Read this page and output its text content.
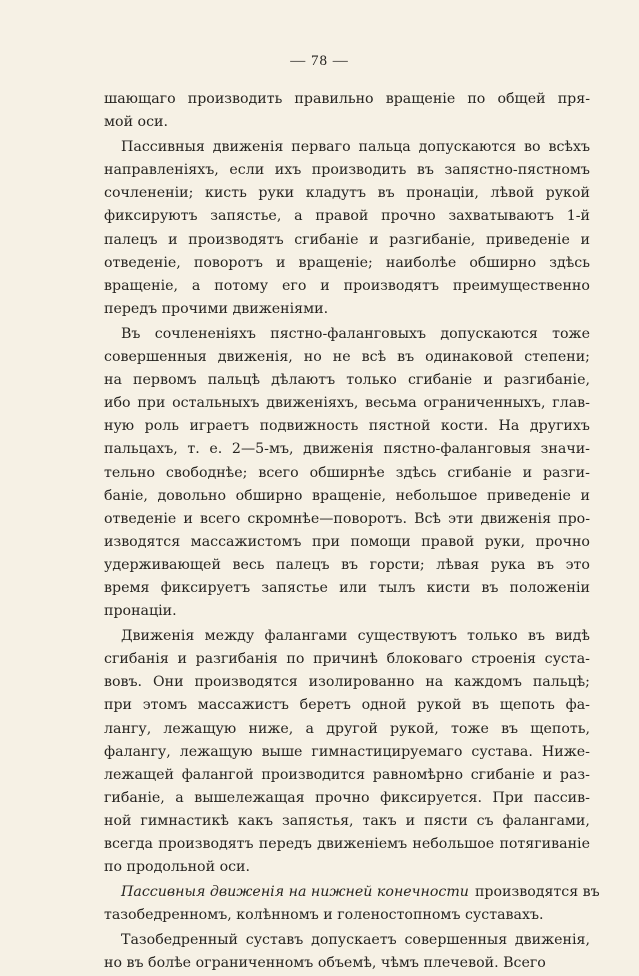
— 78 —
шающаго производить правильно вращеніе по общей пря-
мой оси.
Пассивныя движенія перваго пальца допускаются во всѣхъ
направленіяхъ, если ихъ производить въ запястно-пястномъ
сочлененіи; кисть руки кладутъ въ пронаціи, лѣвой рукой
фиксируютъ запястье, а правой прочно захватываютъ 1-й
палецъ и производятъ сгибаніе и разгибаніе, приведеніе и
отведеніе, поворотъ и вращеніе; наиболѣе обширно здѣсь
вращеніе, а потому его и производятъ преимущественно
передъ прочими движеніями.
Въ сочлененіяхъ пястно-фаланговыхъ допускаются тоже
совершенныя движенія, но не всѣ въ одинаковой степени;
на первомъ пальцѣ дѣлаютъ только сгибаніе и разгибаніе,
ибо при остальныхъ движеніяхъ, весьма ограниченныхъ, глав-
ную роль играетъ подвижность пястной кости. На другихъ
пальцахъ, т. е. 2—5-мъ, движенія пястно-фаланговыя значи-
тельно свободнѣе; всего обширнѣе здѣсь сгибаніе и разги-
баніе, довольно обширно вращеніе, небольшое приведеніе и
отведеніе и всего скромнѣе—поворотъ. Всѣ эти движенія про-
изводятся массажистомъ при помощи правой руки, прочно
удерживающей весь палецъ въ горсти; лѣвая рука въ это
время фиксируетъ запястье или тылъ кисти въ положеніи
пронаціи.
Движенія между фалангами существуютъ только въ видѣ
сгибанія и разгибанія по причинѣ блоковаго строенія суста-
вовъ. Они производятся изолированно на каждомъ пальцѣ;
при этомъ массажистъ беретъ одной рукой въ щепоть фа-
лангу, лежащую ниже, а другой рукой, тоже въ щепоть,
фалангу, лежащую выше гимнастицируемаго сустава. Ниже-
лежащей фалангой производится равномѣрно сгибаніе и раз-
гибаніе, а вышележащая прочно фиксируется. При пассив-
ной гимнастикѣ какъ запястья, такъ и пясти съ фалангами,
всегда производятъ передъ движеніемъ небольшое потягиваніе
по продольной оси.
Пассивныя движенія на нижней конечности производятся въ
тазобедренномъ, колѣнномъ и голеностопномъ суставахъ.
Тазобедренный суставъ допускаетъ совершенныя движенія,
но въ болѣе ограниченномъ объемѣ, чѣмъ плечевой. Всего
